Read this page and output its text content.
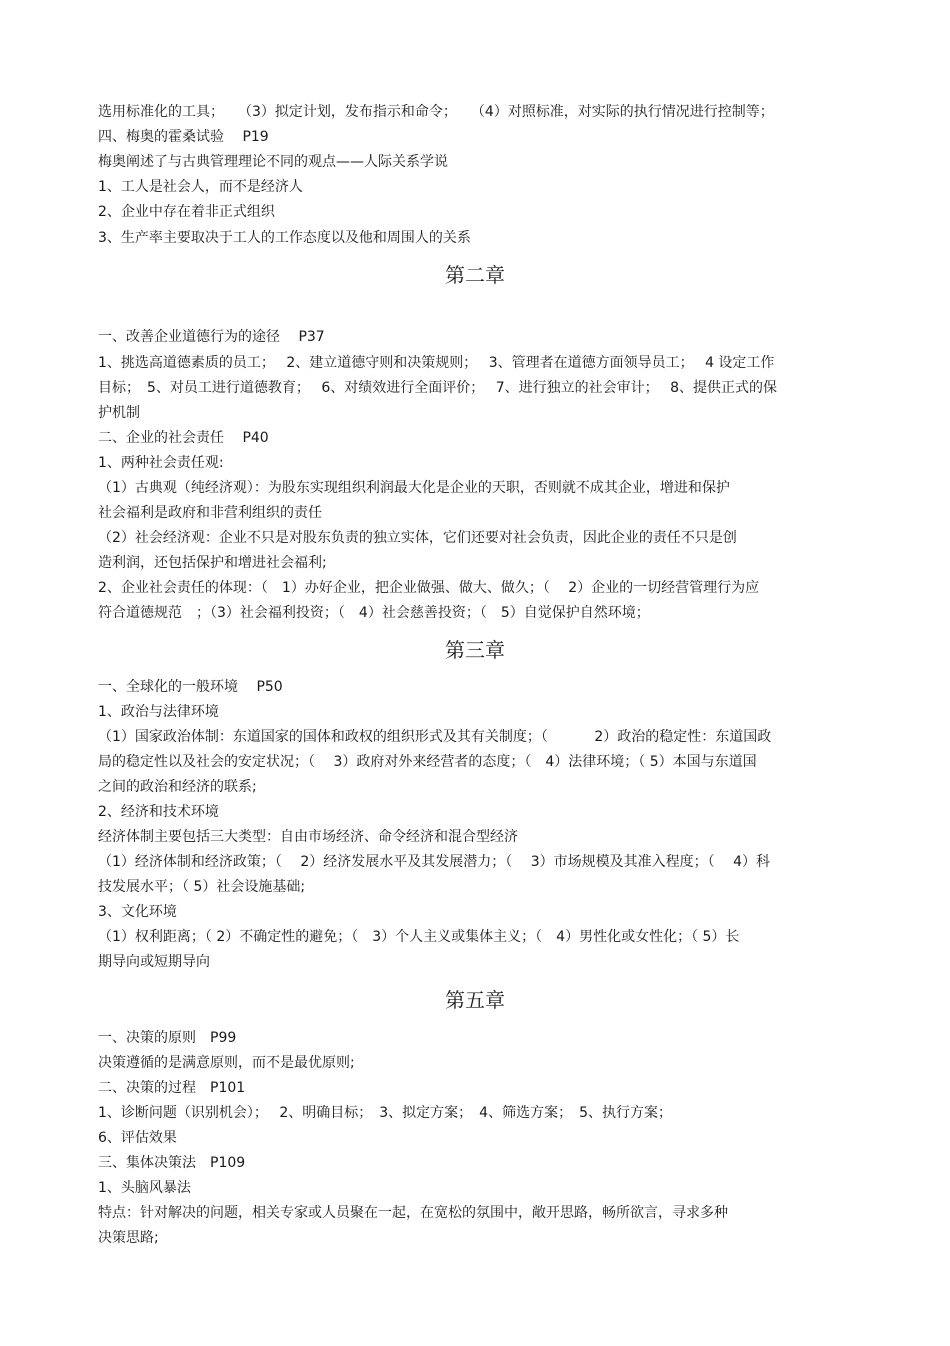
选用标准化的工具；　　（3）拟定计划，发布指示和命令；　　（4）对照标准，对实际的执行情况进行控制等；
四、梅奥的霍桑试验　 P19
梅奥阐述了与古典管理理论不同的观点——人际关系学说
1、工人是社会人，而不是经济人
2、企业中存在着非正式组织
3、生产率主要取决于工人的工作态度以及他和周围人的关系
第二章
一、改善企业道德行为的途径　 P37
1、挑选高道德素质的员工；　 2、建立道德守则和决策规则；　 3、管理者在道德方面领导员工；　 4 设定工作
目标；　5、对员工进行道德教育；　 6、对绩效进行全面评价；　 7、进行独立的社会审计；　 8、提供正式的保
护机制
二、企业的社会责任　 P40
1、两种社会责任观:
（1）古典观（纯经济观）：为股东实现组织利润最大化是企业的天职，否则就不成其企业，增进和保护
社会福利是政府和非营利组织的责任
（2）社会经济观：企业不只是对股东负责的独立实体，它们还要对社会负责，因此企业的责任不只是创
造利润，还包括保护和增进社会福利;
2、企业社会责任的体现：（　1）办好企业，把企业做强、做大、做久；（　 2）企业的一切经营管理行为应
符合道德规范　；（3）社会福利投资；（　4）社会慈善投资；（　5）自觉保护自然环境；
第三章
一、全球化的一般环境　 P50
1、政治与法律环境
（1）国家政治体制：东道国家的国体和政权的组织形式及其有关制度；（　　　 2）政治的稳定性：东道国政
局的稳定性以及社会的安定状况；（　 3）政府对外来经营者的态度；（　4）法律环境；（ 5）本国与东道国
之间的政治和经济的联系;
2、经济和技术环境
经济体制主要包括三大类型：自由市场经济、命令经济和混合型经济
（1）经济体制和经济政策；（　 2）经济发展水平及其发展潜力；（　 3）市场规模及其准入程度；（　 4）科
技发展水平；（ 5）社会设施基础;
3、文化环境
（1）权利距离；（ 2）不确定性的避免；（　3）个人主义或集体主义；（　4）男性化或女性化；（ 5）长
期导向或短期导向
第五章
一、决策的原则　P99
决策遵循的是满意原则，而不是最优原则;
二、决策的过程　P101
1、诊断问题（识别机会）；　 2、明确目标；　3、拟定方案；　4、筛选方案；　5、执行方案；
6、评估效果
三、集体决策法　P109
1、头脑风暴法
特点：针对解决的问题，相关专家或人员聚在一起，在宽松的氛围中，敞开思路，畅所欲言，寻求多种
决策思路;
